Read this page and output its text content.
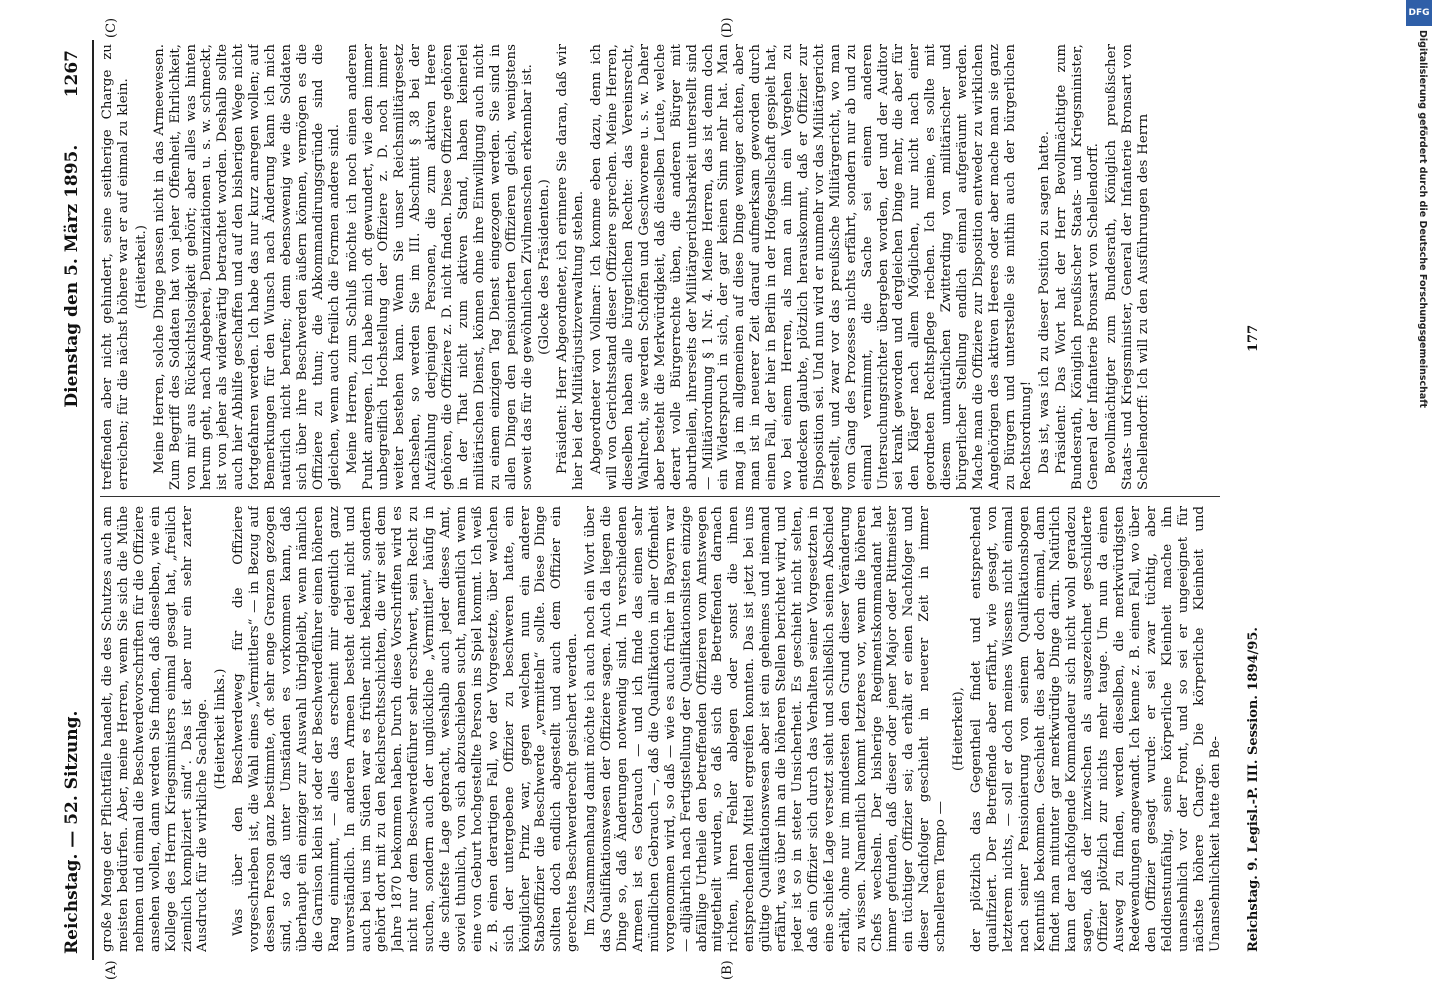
Reichstag. — 52. Sitzung.
Dienstag den 5. März 1895.        1267
(A)	(B)
(C)	(D)

große Menge der Pflichtfälle handelt, die des Schutzes auch am meisten bedürfen. Aber, meine Herren, wenn Sie sich die Mühe nehmen und einmal die Beschwerdevorschriften für die Offiziere ansehen wollen, dann werden Sie finden, daß dieselben, wie ein Kollege des Herrn Kriegsministers einmal gesagt hat, „freilich ziemlich kompliziert sind“. Das ist aber nur ein sehr zarter Ausdruck für die wirkliche Sachlage. (Heiterkeit links.) Was über den Beschwerdeweg für die Offiziere vorgeschrieben ist, die Wahl eines „Vermittlers“ — in Bezug auf dessen Person ganz bestimmte, oft sehr enge Grenzen gezogen sind, so daß unter Umständen es vorkommen kann, daß überhaupt ein einziger zur Auswahl übrigbleibt, wenn nämlich die Garnison klein ist oder der Beschwerdeführer einen höheren Rang einnimmt, — alles das erscheint mir eigentlich ganz unverständlich. In anderen Armeen besteht derlei nicht und auch bei uns im Süden war es früher nicht bekannt, sondern gehört dort mit zu den Reichsrechtsschichten, die wir seit dem Jahre 1870 bekommen haben. Durch diese Vorschriften wird es nicht nur dem Beschwerdeführer sehr erschwert, sein Recht zu suchen, sondern auch der unglückliche „Vermittler“ häufig in die schiefste Lage gebracht, weshalb auch jeder dieses Amt, soviel thunlich, von sich abzuschieben sucht, namentlich wenn eine von Geburt hochgestellte Person ins Spiel kommt. Ich weiß z. B. einen derartigen Fall, wo der Vorgesetzte, über welchen sich der untergebene Offizier zu beschweren hatte, ein königlicher Prinz war, gegen welchen nun ein anderer Stabsoffizier die Beschwerde „vermitteln“ sollte. Diese Dinge sollten doch endlich abgestellt und auch dem Offizier ein gerechtes Beschwerderecht gesichert werden. Im Zusammenhang damit möchte ich auch noch ein Wort über das Qualifikationswesen der Offiziere sagen. Auch da liegen die Dinge so, daß Änderungen notwendig sind. In verschiedenen Armeen ist es Gebrauch — und ich finde das einen sehr mündlichen Gebrauch —, daß die Qualifikation in aller Offenheit vorgenommen wird, so daß — wie es auch früher in Bayern war — alljährlich nach Fertigstellung der Qualifikationslisten einzige abfällige Urtheile den betreffenden Offizieren vom Amtswegen mitgetheilt wurden, so daß sich die Betreffenden darnach richten, ihren Fehler ablegen oder sonst die ihnen entsprechenden Mittel ergreifen konnten. Das ist jetzt bei uns gültige Qualifikationswesen aber ist ein geheimes und niemand erfährt, was über ihn an die höheren Stellen berichtet wird, und jeder ist so in steter Unsicherheit. Es geschieht nicht selten, daß ein Offizier sich durch das Verhalten seiner Vorgesetzten in eine schiefe Lage versetzt sieht und schließlich seinen Abschied erhält, ohne nur im mindesten den Grund dieser Veränderung zu wissen. Namentlich kommt letzteres vor, wenn die höheren Chefs wechseln. Der bisherige Regimentskommandant hat immer gefunden, daß dieser oder jener Major oder Rittmeister ein tüchtiger Offizier sei; da erhält er einen Nachfolger und dieser Nachfolger geschieht in neuerer Zeit in immer schnellerem Tempo —

(Heiterkeit), der plötzlich das Gegentheil findet und entsprechend qualifiziert. Der Betreffende aber erfährt, wie gesagt, von letzterem nichts, — soll er doch meines Wissens nicht einmal nach seiner Pensionierung von seinem Qualifikationsbogen Kenntniß bekommen. Geschieht dies aber doch einmal, dann findet man mitunter gar merkwürdige Dinge darin. Natürlich kann der nachfolgende Kommandeur sich nicht wohl geradezu sagen, daß der inzwischen als ausgezeichnet geschilderte Offizier plötzlich zur nichts mehr tauge. Um nun da einen Ausweg zu finden, werden dieselben, die merkwürdigsten Redewendungen angewandt. Ich kenne z. B. einen Fall, wo über den Offizier gesagt wurde: er sei zwar tüchtig, aber felddienstunfähig, seine körperliche Kleinheit mache ihn unansehnlich vor der Front, und so sei er ungeeignet für nächste höhere Charge. Die körperliche Kleinheit und Unansehnlichkeit hatte den Be-

treffenden aber nicht gehindert, seine seitherige Charge zu erreichen; für die nächst höhere war er auf einmal zu klein. (Heiterkeit.) Meine Herren, solche Dinge passen nicht in das Armeewesen. Zum Begriff des Soldaten hat von jeher Offenheit, Ehrlichkeit, von mir aus Rücksichtslosigkeit gehört; aber alles was hinten herum geht, nach Angeberei, Denunziationen u. s. w. schmeckt, ist von jeher als widerwärtig betrachtet worden. Deshalb sollte auch hier Abhilfe geschaffen und auf den bisherigen Wege nicht fortgefahren werden. Ich habe das nur kurz anregen wollen; auf Bemerkungen für den Wunsch nach Änderung kann ich mich natürlich nicht berufen; denn ebensowenig wie die Soldaten sich über ihre Beschwerden äußern können, vermögen es die Offiziere zu thun; die Abkommandirungsgründe sind die gleichen, wenn auch freilich die Formen andere sind. Meine Herren, zum Schluß möchte ich noch einen anderen Punkt anregen. Ich habe mich oft gewundert, wie dem immer unbegreiflich Hochstellung der Offiziere z. D. noch immer weiter bestehen kann. Wenn Sie unser Reichsmilitärgesetz nachsehen, so werden Sie im III. Abschnitt § 38 bei der Aufzählung derjenigen Personen, die zum aktiven Heere gehören, die Offiziere z. D. nicht finden. Diese Offiziere gehören in der That nicht zum aktiven Stand, haben keinerlei militärischen Dienst, können ohne ihre Einwilligung auch nicht zu einem einzigen Tag Dienst eingezogen werden. Sie sind in allen Dingen den pensionierten Offizieren gleich, wenigstens soweit das für die gewöhnlichen Zivilmenschen erkennbar ist. (Glocke des Präsidenten.) Präsident: Herr Abgeordneter, ich erinnere Sie daran, daß wir hier bei der Militärjustizverwaltung stehen. Abgeordneter von Vollmar: Ich komme eben dazu, denn ich will von Gerichtsstand dieser Offiziere sprechen. Meine Herren, dieselben haben alle bürgerlichen Rechte: das Vereinsrecht, Wahlrecht, sie werden Schöffen und Geschworene u. s. w. Daher aber besteht die Merkwürdigkeit, daß dieselben Leute, welche derart volle Bürgerrechte üben, die anderen Bürger mit aburtheilen, ihrerseits der Militärgerichtsbarkeit unterstellt sind — Militärordnung § 1 Nr. 4. Meine Herren, das ist denn doch ein Widerspruch in sich, der gar keinen Sinn mehr hat. Man mag ja im allgemeinen auf diese Dinge weniger achten, aber man ist in neuerer Zeit darauf aufmerksam geworden durch einen Fall, der hier in Berlin in der Hofgesellschaft gespielt hat, wo bei einem Herren, als man an ihm ein Vergehen zu entdecken glaubte, plötzlich herauskommt, daß er Offizier zur Disposition sei. Und nun wird er nunmehr vor das Militärgericht gestellt, und zwar vor das preußische Militärgericht, wo man vom Gang des Prozesses nichts erfährt, sondern nur ab und zu einmal vernimmt, die Sache sei einem anderen Untersuchungsrichter übergeben worden, der und der Auditor sei krank geworden und dergleichen Dinge mehr, die aber für den Kläger nach allem Möglichen, nur nicht nach einer geordneten Rechtspflege riechen. Ich meine, es sollte mit diesem unnatürlichen Zwitterding von militärischer und bürgerlicher Stellung endlich einmal aufgeräumt werden. Mache man die Offiziere zur Disposition entweder zu wirklichen Angehörigen des aktiven Heeres oder aber mache man sie ganz zu Bürgern und unterstelle sie mithin auch der bürgerlichen Rechtsordnung! Das ist, was ich zu dieser Position zu sagen hatte. Präsident: Das Wort hat der Herr Bevollmächtigte zum Bundesrath, Königlich preußischer Staats- und Kriegsminister, General der Infanterie Bronsart von Schellendorff. Bevollmächtigter zum Bundesrath, Königlich preußischer Staats- und Kriegsminister, General der Infanterie Bronsart von Schellendorff: Ich will zu den Ausführungen des Herrn

Reichstag. 9. Legisl.-P. III. Session. 1894/95.
177
DFG
Digitalisierung gefördert durch die Deutsche Forschungsgemeinschaft
